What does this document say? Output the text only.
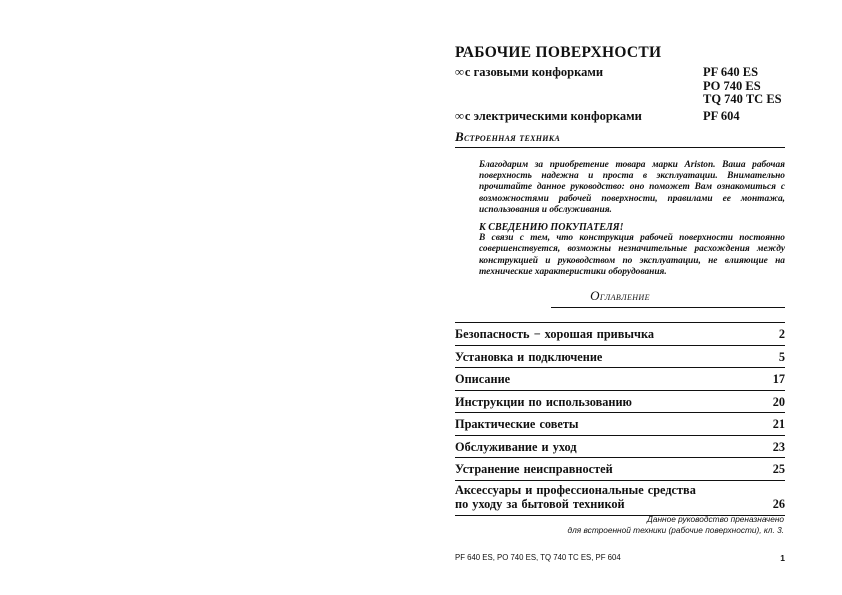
РАБОЧИЕ ПОВЕРХНОСТИ
∞ с газовыми конфорками	PF 640 ES
PO 740 ES
TQ 740 TC ES
∞ с электрическими конфорками	PF 604
Встроенная техника

Благодарим за приобретение товара марки Ariston. Ваша рабочая поверхность надежна и проста в эксплуатации. Внимательно прочитайте данное руководство: оно поможет Вам ознакомиться с возможностями рабочей поверхности, правилами ее монтажа, использования и обслуживания.

К СВЕДЕНИЮ ПОКУПАТЕЛЯ!

В связи с тем, что конструкция рабочей поверхности постоянно совершенствуется, возможны незначительные расхождения между конструкцией и руководством по эксплуатации, не влияющие на технические характеристики оборудования.

Оглавление
Безопасность − хорошая привычка	2
Установка и подключение	5
Описание	17
Инструкции по использованию	20
Практические советы	21
Обслуживание и уход	23
Устранение неисправностей	25
Аксессуары и профессиональные средства
по уходу за бытовой техникой	26
Данное руководство преназначено
для встроенной техники (рабочие поверхности), кл. 3.
PF 640 ES, PO 740 ES, TQ 740 TC ES, PF 604	1
